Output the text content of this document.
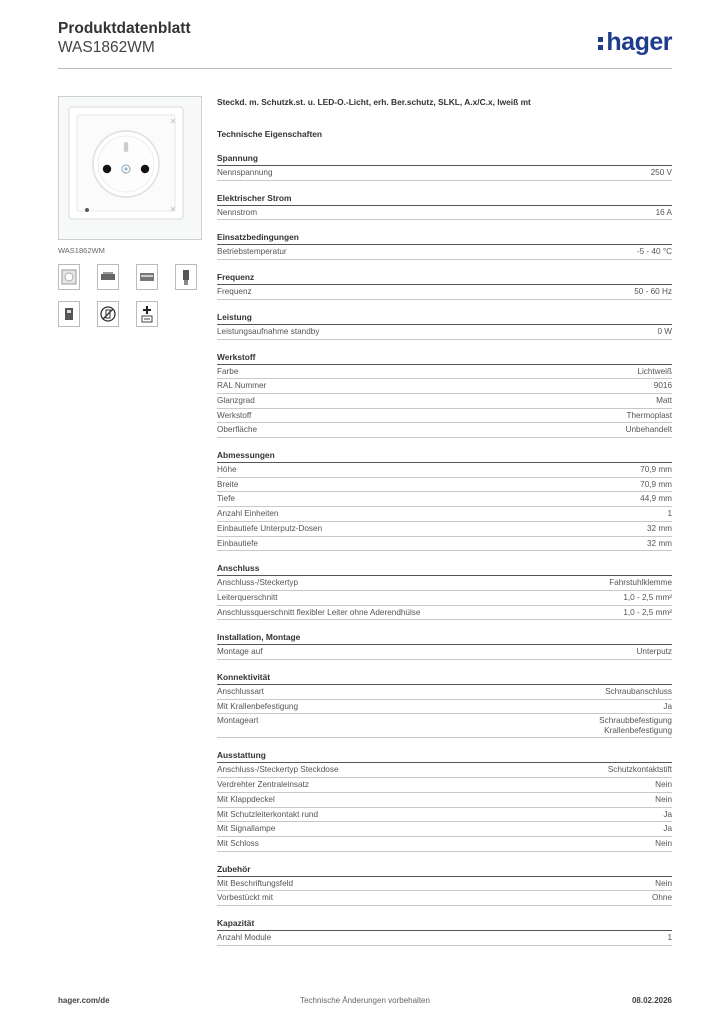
Produktdatenblatt
WAS1862WM	hager
WAS1862WM
Steckd. m. Schutzk.st. u. LED-O.-Licht, erh. Ber.schutz, SLKL, A.x/C.x, lweiß mt
Technische Eigenschaften
Spannung
Nennspannung	250 V
Elektrischer Strom
Nennstrom	16 A
Einsatzbedingungen
Betriebstemperatur	-5 - 40 °C
Frequenz
Frequenz	50 - 60 Hz
Leistung
Leistungsaufnahme standby	0 W
Werkstoff
Farbe	Lichtweiß
RAL Nummer	9016
Glanzgrad	Matt
Werkstoff	Thermoplast
Oberfläche	Unbehandelt
Abmessungen
Höhe	70,9 mm
Breite	70,9 mm
Tiefe	44,9 mm
Anzahl Einheiten	1
Einbautiefe Unterputz-Dosen	32 mm
Einbautiefe	32 mm
Anschluss
Anschluss-/Steckertyp	Fahrstuhlklemme
Leiterquerschnitt	1,0 - 2,5 mm²
Anschlussquerschnitt flexibler Leiter ohne Aderendhülse	1,0 - 2,5 mm²
Installation, Montage
Montage auf	Unterputz
Konnektivität
Anschlussart	Schraubanschluss
Mit Krallenbefestigung	Ja
Montageart	Schraubbefestigung
Krallenbefestigung
Ausstattung
Anschluss-/Steckertyp Steckdose	Schutzkontaktstift
Verdrehter Zentraleinsatz	Nein
Mit Klappdeckel	Nein
Mit Schutzleiterkontakt rund	Ja
Mit Signallampe	Ja
Mit Schloss	Nein
Zubehör
Mit Beschriftungsfeld	Nein
Vorbestückt mit	Ohne
Kapazität
Anzahl Module	1
hager.com/de	Technische Änderungen vorbehalten	08.02.2026
